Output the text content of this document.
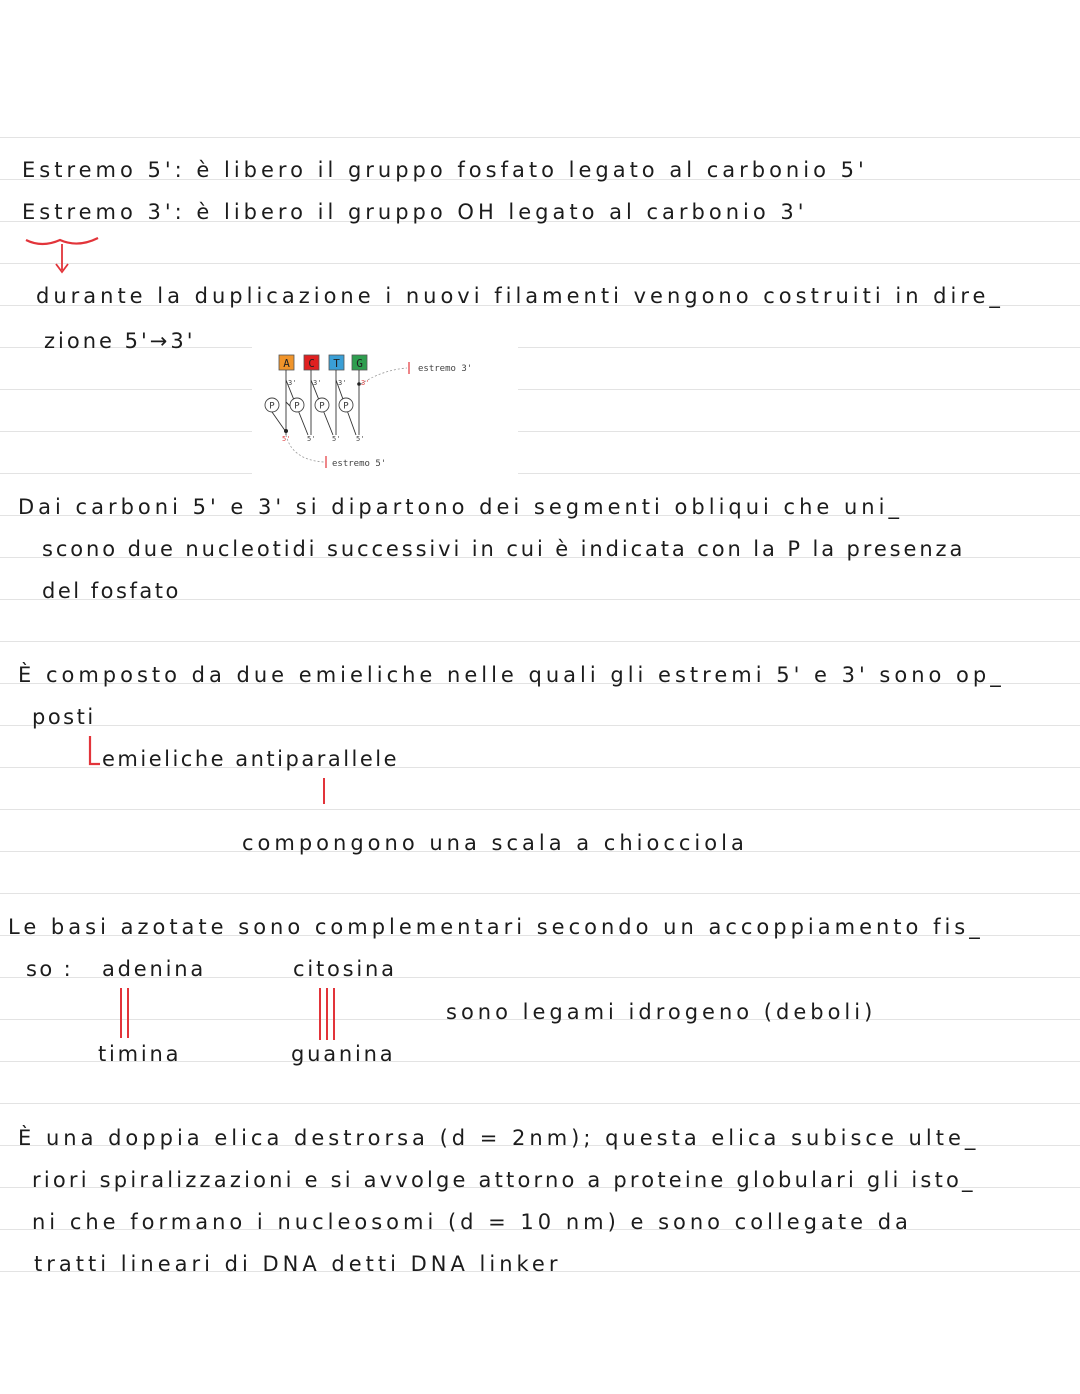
Estremo 5': è libero il gruppo fosfato legato al carbonio 5'
Estremo 3': è libero il gruppo OH legato al carbonio 3'
durante la duplicazione i nuovi filamenti vengono costruiti in dire_
zione 5'→3'
A C T G
3' 3' 3' 3'
P P P P
5' 5' 5' 5'
estremo 3'
estremo 5'
Dai carboni 5' e 3' si dipartono dei segmenti obliqui che uni_
scono due nucleotidi successivi in cui è indicata con la P la presenza
del fosfato
È composto da due emieliche nelle quali gli estremi 5' e 3' sono op_
posti
emieliche antiparallele
compongono una scala a chiocciola
Le basi azotate sono complementari secondo un accoppiamento fis_
so : adenina	citosina
sono legami idrogeno (deboli)
timina	guanina
È una doppia elica destrorsa (d = 2nm); questa elica subisce ulte_
riori spiralizzazioni e si avvolge attorno a proteine globulari gli isto_
ni che formano i nucleosomi (d = 10 nm) e sono collegate da
tratti lineari di DNA detti DNA linker
